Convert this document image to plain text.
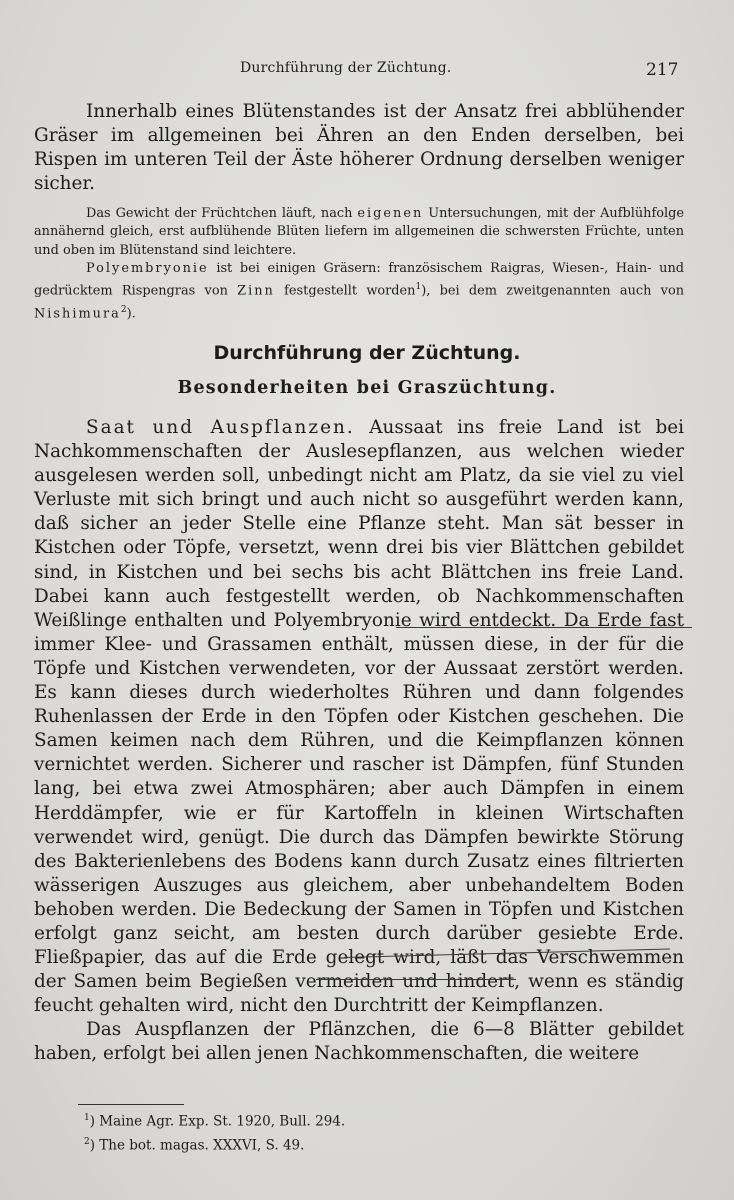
Durchführung der Züchtung.	217

Innerhalb eines Blütenstandes ist der Ansatz frei abblühender Gräser im allgemeinen bei Ähren an den Enden derselben, bei Rispen im unteren Teil der Äste höherer Ordnung derselben weniger sicher.

Das Gewicht der Früchtchen läuft, nach eigenen Untersuchungen, mit der Aufblühfolge annähernd gleich, erst aufblühende Blüten liefern im allgemeinen die schwersten Früchte, unten und oben im Blütenstand sind leichtere.

Polyembryonie ist bei einigen Gräsern: französischem Raigras, Wiesen-, Hain- und gedrücktem Rispengras von Zinn festgestellt worden$^1$), bei dem zweitgenannten auch von Nishimura$^2$).

Durchführung der Züchtung.
Besonderheiten bei Graszüchtung.

Saat und Auspflanzen. Aussaat ins freie Land ist bei Nachkommenschaften der Auslesepflanzen, aus welchen wieder ausgelesen werden soll, unbedingt nicht am Platz, da sie viel zu viel Verluste mit sich bringt und auch nicht so ausgeführt werden kann, daß sicher an jeder Stelle eine Pflanze steht. Man sät besser in Kistchen oder Töpfe, versetzt, wenn drei bis vier Blättchen gebildet sind, in Kistchen und bei sechs bis acht Blättchen ins freie Land. Dabei kann auch festgestellt werden, ob Nachkommenschaften Weißlinge enthalten und Polyembryonie wird entdeckt. Da Erde fast immer Klee- und Grassamen enthält, müssen diese, in der für die Töpfe und Kistchen verwendeten, vor der Aussaat zerstört werden. Es kann dieses durch wiederholtes Rühren und dann folgendes Ruhenlassen der Erde in den Töpfen oder Kistchen geschehen. Die Samen keimen nach dem Rühren, und die Keimpflanzen können vernichtet werden. Sicherer und rascher ist Dämpfen, fünf Stunden lang, bei etwa zwei Atmosphären; aber auch Dämpfen in einem Herddämpfer, wie er für Kartoffeln in kleinen Wirtschaften verwendet wird, genügt. Die durch das Dämpfen bewirkte Störung des Bakterienlebens des Bodens kann durch Zusatz eines filtrierten wässerigen Auszuges aus gleichem, aber unbehandeltem Boden behoben werden. Die Bedeckung der Samen in Töpfen und Kistchen erfolgt ganz seicht, am besten durch darüber gesiebte Erde. Fließpapier, das auf die Erde gelegt wird, läßt das Verschwemmen der Samen beim Begießen vermeiden und hindert, wenn es ständig feucht gehalten wird, nicht den Durchtritt der Keimpflanzen.

Das Auspflanzen der Pflänzchen, die 6—8 Blätter gebildet haben, erfolgt bei allen jenen Nachkommenschaften, die weitere

$^1$) Maine Agr. Exp. St. 1920, Bull. 294.
$^2$) The bot. magas. XXXVI, S. 49.
